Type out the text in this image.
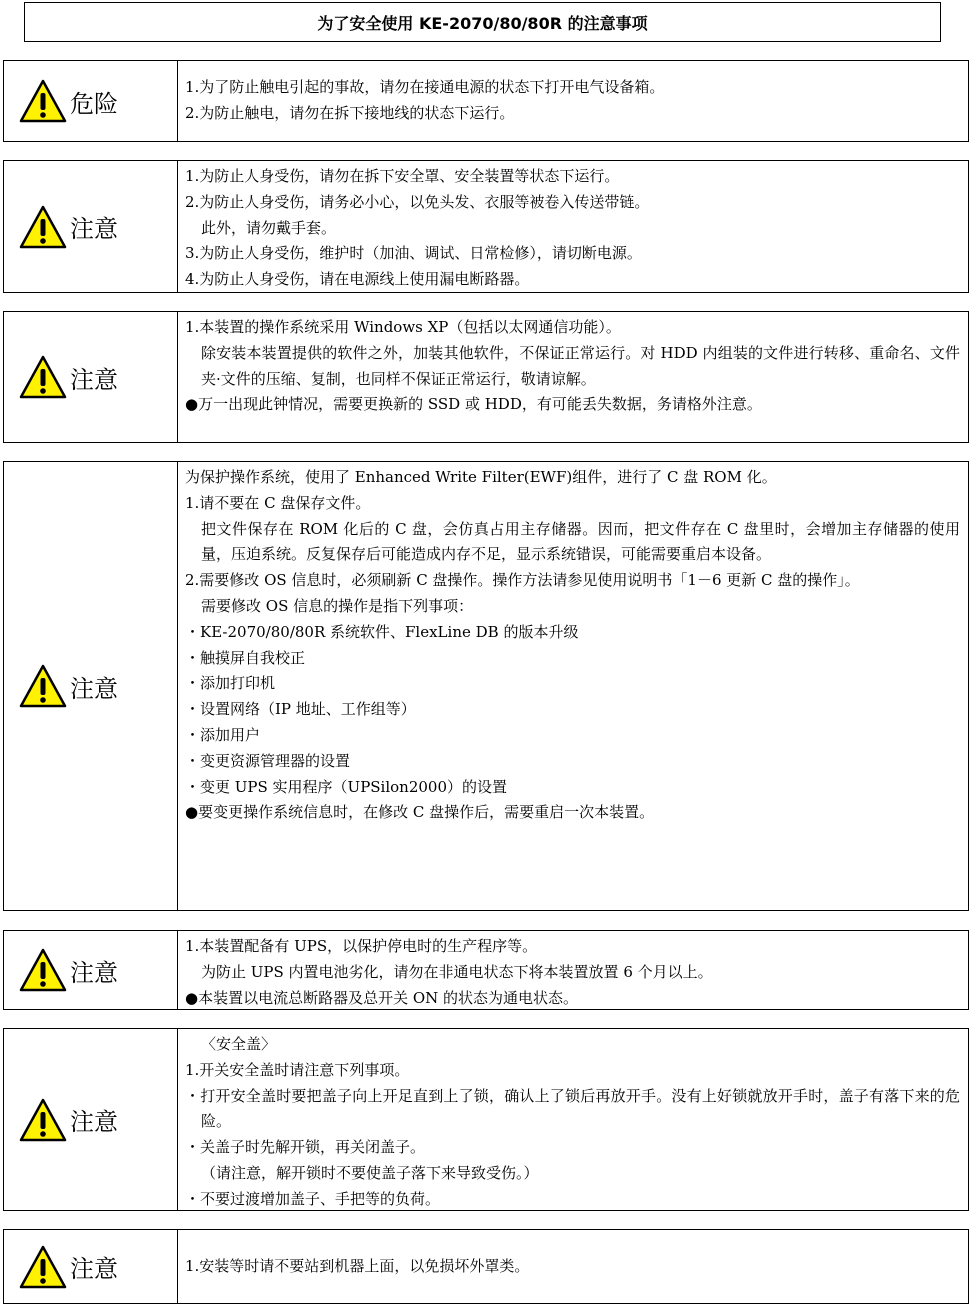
为了安全使用 KE-2070/80/80R 的注意事项
危险
1.为了防止触电引起的事故，请勿在接通电源的状态下打开电气设备箱。
2.为防止触电，请勿在拆下接地线的状态下运行。
注意
1.为防止人身受伤，请勿在拆下安全罩、安全装置等状态下运行。
2.为防止人身受伤，请务必小心，以免头发、衣服等被卷入传送带链。
此外，请勿戴手套。
3.为防止人身受伤，维护时（加油、调试、日常检修），请切断电源。
4.为防止人身受伤，请在电源线上使用漏电断路器。
注意
1.本装置的操作系统采用 Windows XP（包括以太网通信功能）。
除安装本装置提供的软件之外，加装其他软件，不保证正常运行。对 HDD 内组装的文件进行转移、重命名、文件夹·文件的压缩、复制，也同样不保证正常运行，敬请谅解。
●万一出现此钟情况，需要更换新的 SSD 或 HDD，有可能丢失数据，务请格外注意。
注意
为保护操作系统，使用了 Enhanced Write Filter(EWF)组件，进行了 C 盘 ROM 化。
1.请不要在 C 盘保存文件。
把文件保存在 ROM 化后的 C 盘，会仿真占用主存储器。因而，把文件存在 C 盘里时，会增加主存储器的使用量，压迫系统。反复保存后可能造成内存不足，显示系统错误，可能需要重启本设备。
2.需要修改 OS 信息时，必须刷新 C 盘操作。操作方法请参见使用说明书「1－6 更新 C 盘的操作」。
需要修改 OS 信息的操作是指下列事项：
・KE-2070/80/80R 系统软件、FlexLine DB 的版本升级
・触摸屏自我校正
・添加打印机
・设置网络（IP 地址、工作组等）
・添加用户
・变更资源管理器的设置
・变更 UPS 实用程序（UPSilon2000）的设置
●要变更操作系统信息时，在修改 C 盘操作后，需要重启一次本装置。
注意
1.本装置配备有 UPS，以保护停电时的生产程序等。
为防止 UPS 内置电池劣化，请勿在非通电状态下将本装置放置 6 个月以上。
●本装置以电流总断路器及总开关 ON 的状态为通电状态。
注意
〈安全盖〉
1.开关安全盖时请注意下列事项。
・打开安全盖时要把盖子向上开足直到上了锁，确认上了锁后再放开手。没有上好锁就放开手时，盖子有落下来的危险。
・关盖子时先解开锁，再关闭盖子。
（请注意，解开锁时不要使盖子落下来导致受伤。）
・不要过渡增加盖子、手把等的负荷。
注意	1.安装等时请不要站到机器上面，以免损坏外罩类。
